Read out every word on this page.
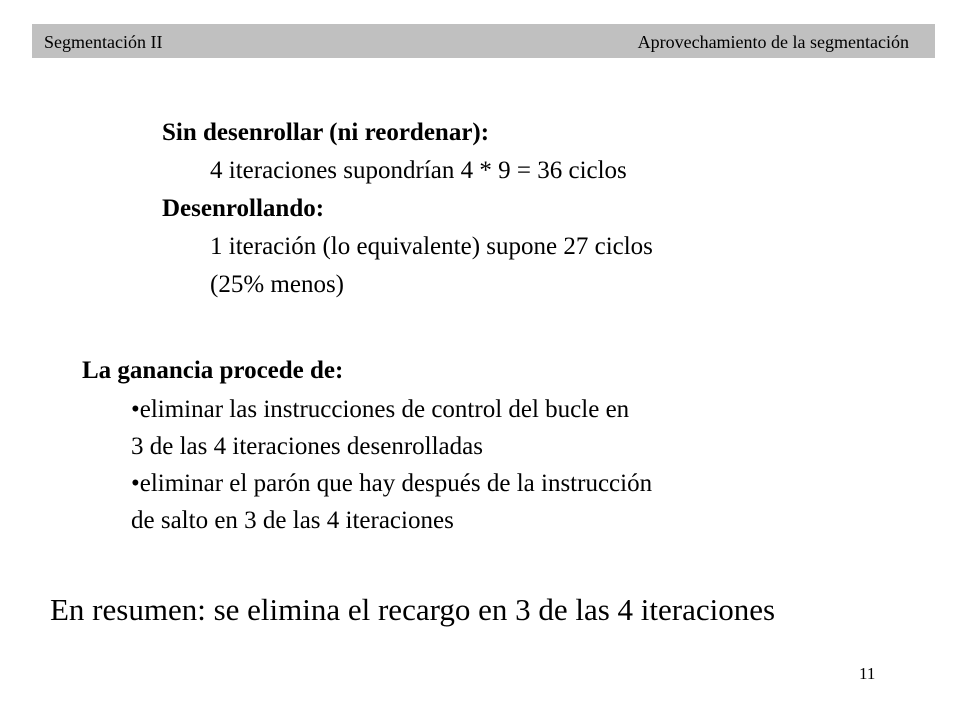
Segmentación II	Aprovechamiento de la segmentación
Sin desenrollar (ni reordenar):
4 iteraciones supondrían 4 * 9 = 36 ciclos
Desenrollando:
1 iteración (lo equivalente) supone 27 ciclos
(25% menos)
La ganancia procede de:
•eliminar las instrucciones de control del bucle en
3 de las 4 iteraciones desenrolladas
•eliminar el parón que hay después de la instrucción
de salto en 3 de las 4 iteraciones
En resumen: se elimina el recargo en 3 de las 4 iteraciones
11
